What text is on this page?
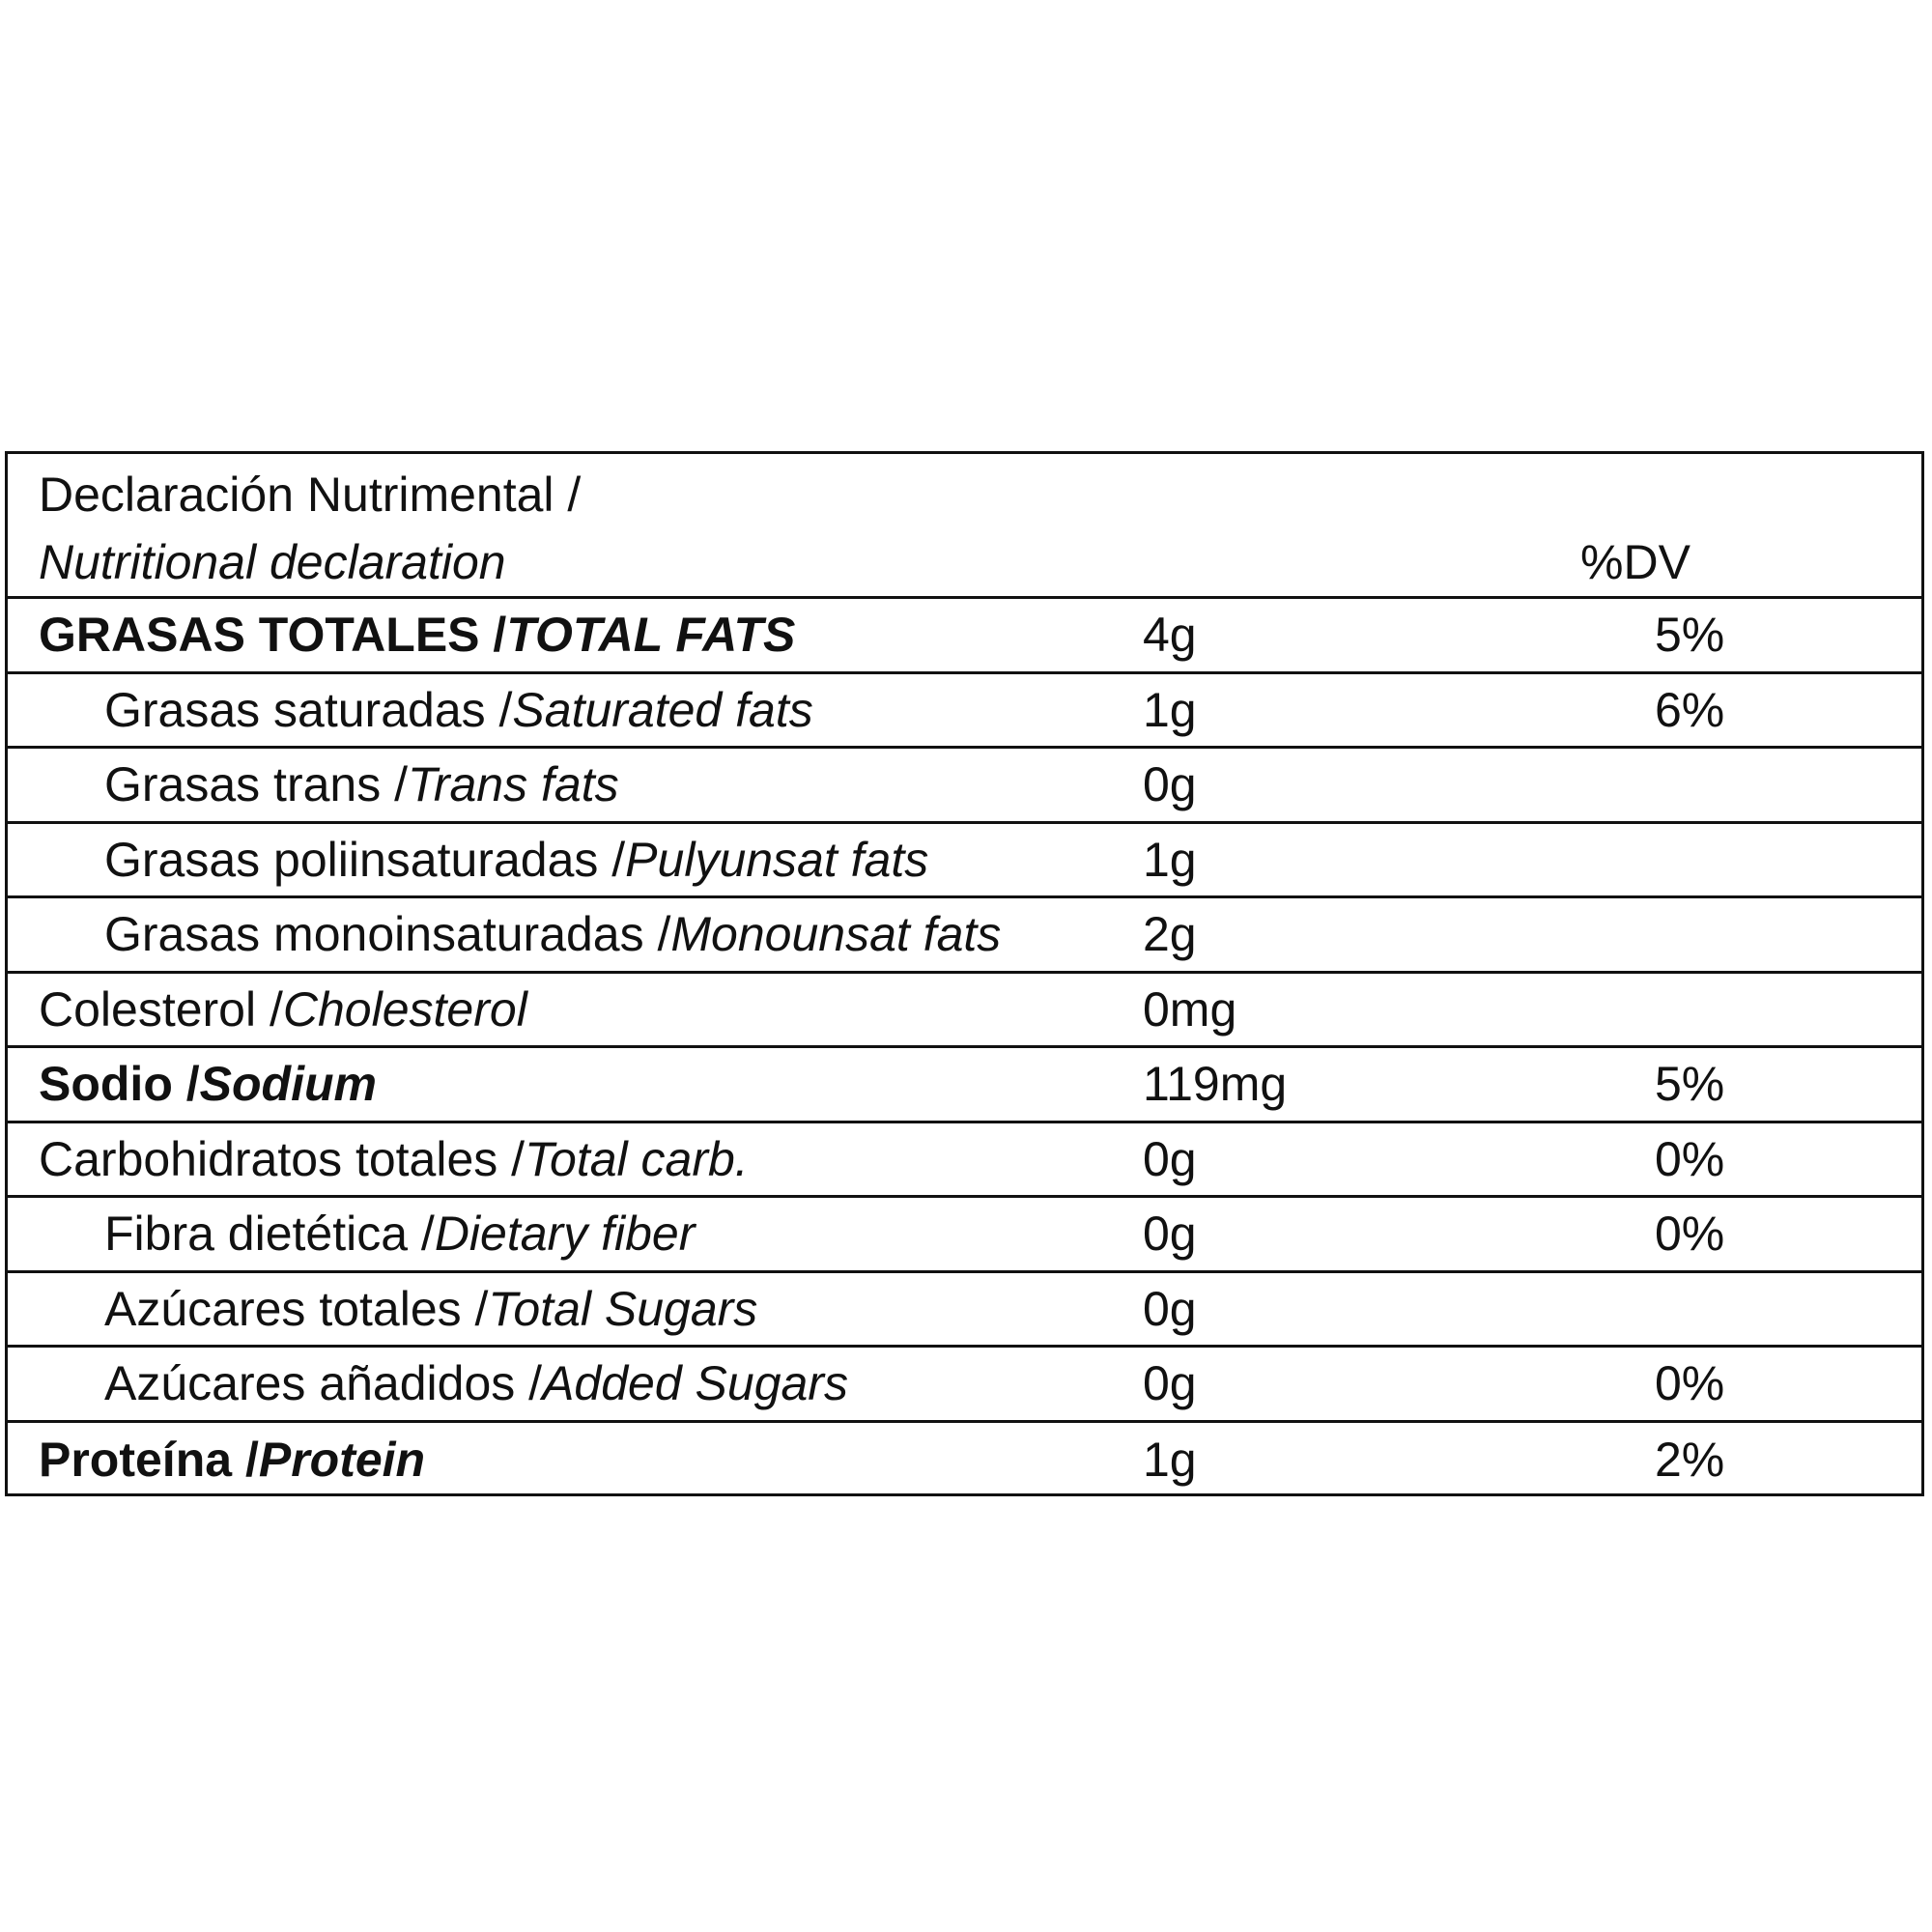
Declaración Nutrimental /
Nutritional declaration	%DV
GRASAS TOTALES / TOTAL FATS	4g	5%
Grasas saturadas / Saturated fats	1g	6%
Grasas trans / Trans fats	0g
Grasas poliinsaturadas / Pulyunsat fats	1g
Grasas monoinsaturadas / Monounsat fats	2g
Colesterol / Cholesterol	0mg
Sodio / Sodium	119mg	5%
Carbohidratos totales / Total carb.	0g	0%
Fibra dietética / Dietary fiber	0g	0%
Azúcares totales / Total Sugars	0g
Azúcares añadidos / Added Sugars	0g	0%
Proteína / Protein	1g	2%
